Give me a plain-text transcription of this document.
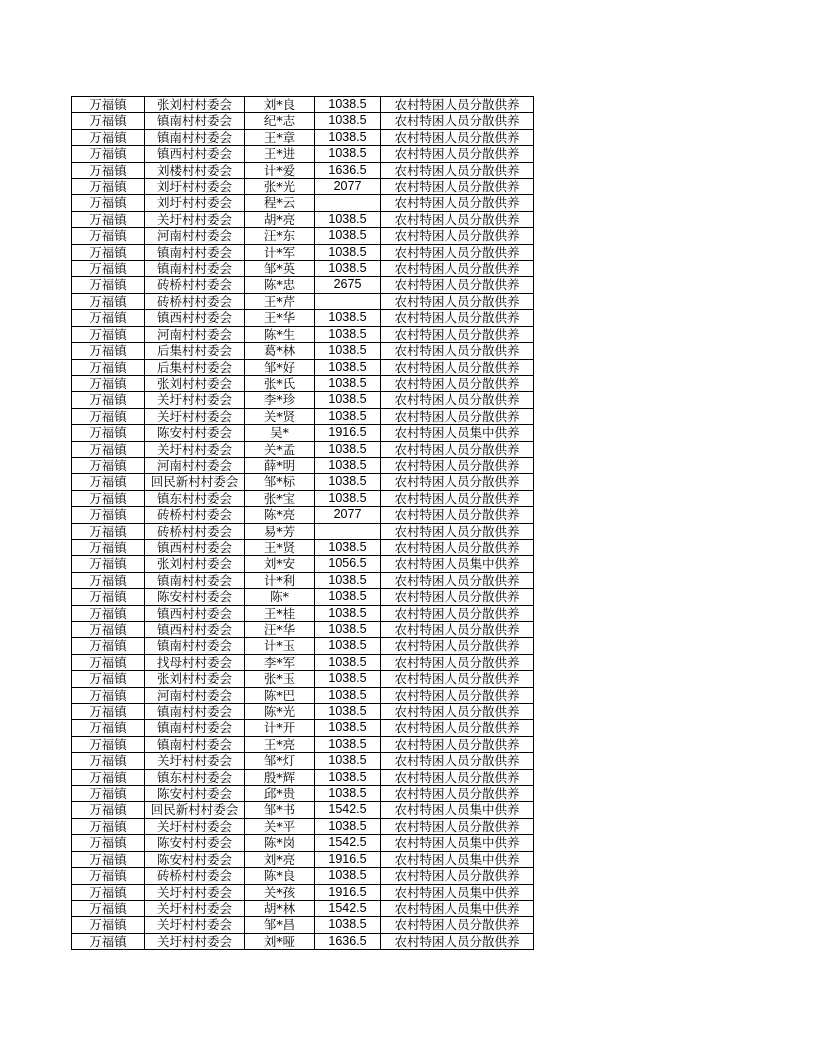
万福镇	张刘村村委会	刘*良	1038.5	农村特困人员分散供养
万福镇	镇南村村委会	纪*志	1038.5	农村特困人员分散供养
万福镇	镇南村村委会	王*章	1038.5	农村特困人员分散供养
万福镇	镇西村村委会	王*进	1038.5	农村特困人员分散供养
万福镇	刘楼村村委会	计*爱	1636.5	农村特困人员分散供养
万福镇	刘圩村村委会	张*光	2077	农村特困人员分散供养
万福镇	刘圩村村委会	程*云		农村特困人员分散供养
万福镇	关圩村村委会	胡*亮	1038.5	农村特困人员分散供养
万福镇	河南村村委会	汪*东	1038.5	农村特困人员分散供养
万福镇	镇南村村委会	计*军	1038.5	农村特困人员分散供养
万福镇	镇南村村委会	邹*英	1038.5	农村特困人员分散供养
万福镇	砖桥村村委会	陈*忠	2675	农村特困人员分散供养
万福镇	砖桥村村委会	王*芹		农村特困人员分散供养
万福镇	镇西村村委会	王*华	1038.5	农村特困人员分散供养
万福镇	河南村村委会	陈*生	1038.5	农村特困人员分散供养
万福镇	后集村村委会	葛*林	1038.5	农村特困人员分散供养
万福镇	后集村村委会	邹*好	1038.5	农村特困人员分散供养
万福镇	张刘村村委会	张*氏	1038.5	农村特困人员分散供养
万福镇	关圩村村委会	李*珍	1038.5	农村特困人员分散供养
万福镇	关圩村村委会	关*贤	1038.5	农村特困人员分散供养
万福镇	陈安村村委会	吴*	1916.5	农村特困人员集中供养
万福镇	关圩村村委会	关*孟	1038.5	农村特困人员分散供养
万福镇	河南村村委会	薛*明	1038.5	农村特困人员分散供养
万福镇	回民新村村委会	邹*标	1038.5	农村特困人员分散供养
万福镇	镇东村村委会	张*宝	1038.5	农村特困人员分散供养
万福镇	砖桥村村委会	陈*亮	2077	农村特困人员分散供养
万福镇	砖桥村村委会	易*芳		农村特困人员分散供养
万福镇	镇西村村委会	王*贤	1038.5	农村特困人员分散供养
万福镇	张刘村村委会	刘*安	1056.5	农村特困人员集中供养
万福镇	镇南村村委会	计*利	1038.5	农村特困人员分散供养
万福镇	陈安村村委会	陈*	1038.5	农村特困人员分散供养
万福镇	镇西村村委会	王*桂	1038.5	农村特困人员分散供养
万福镇	镇西村村委会	汪*华	1038.5	农村特困人员分散供养
万福镇	镇南村村委会	计*玉	1038.5	农村特困人员分散供养
万福镇	找母村村委会	李*军	1038.5	农村特困人员分散供养
万福镇	张刘村村委会	张*玉	1038.5	农村特困人员分散供养
万福镇	河南村村委会	陈*巴	1038.5	农村特困人员分散供养
万福镇	镇南村村委会	陈*光	1038.5	农村特困人员分散供养
万福镇	镇南村村委会	计*开	1038.5	农村特困人员分散供养
万福镇	镇南村村委会	王*亮	1038.5	农村特困人员分散供养
万福镇	关圩村村委会	邹*灯	1038.5	农村特困人员分散供养
万福镇	镇东村村委会	殷*辉	1038.5	农村特困人员分散供养
万福镇	陈安村村委会	邱*贵	1038.5	农村特困人员分散供养
万福镇	回民新村村委会	邹*书	1542.5	农村特困人员集中供养
万福镇	关圩村村委会	关*平	1038.5	农村特困人员分散供养
万福镇	陈安村村委会	陈*岗	1542.5	农村特困人员集中供养
万福镇	陈安村村委会	刘*亮	1916.5	农村特困人员集中供养
万福镇	砖桥村村委会	陈*良	1038.5	农村特困人员分散供养
万福镇	关圩村村委会	关*孩	1916.5	农村特困人员集中供养
万福镇	关圩村村委会	胡*林	1542.5	农村特困人员集中供养
万福镇	关圩村村委会	邹*昌	1038.5	农村特困人员分散供养
万福镇	关圩村村委会	刘*哑	1636.5	农村特困人员分散供养
